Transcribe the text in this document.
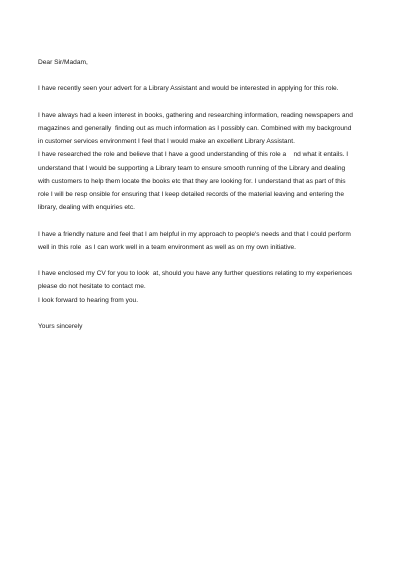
Dear Sir/Madam,
I have recently seen your advert for a Library Assistant and would be interested in applying for this role.
I have always had a keen interest in books, gathering and researching information, reading newspapers and
magazines and generally  finding out as much information as I possibly can. Combined with my background
in customer services environment I feel that I would make an excellent Library Assistant.
I have researched the role and believe that I have a good understanding of this role a    nd what it entails. I
understand that I would be supporting a Library team to ensure smooth running of the Library and dealing
with customers to help them locate the books etc that they are looking for. I understand that as part of this
role I will be resp onsible for ensuring that I keep detailed records of the material leaving and entering the
library, dealing with enquiries etc.
I have a friendly nature and feel that I am helpful in my approach to people's needs and that I could perform
well in this role  as I can work well in a team environment as well as on my own initiative.
I have enclosed my CV for you to look  at, should you have any further questions relating to my experiences
please do not hesitate to contact me.
I look forward to hearing from you.
Yours sincerely
